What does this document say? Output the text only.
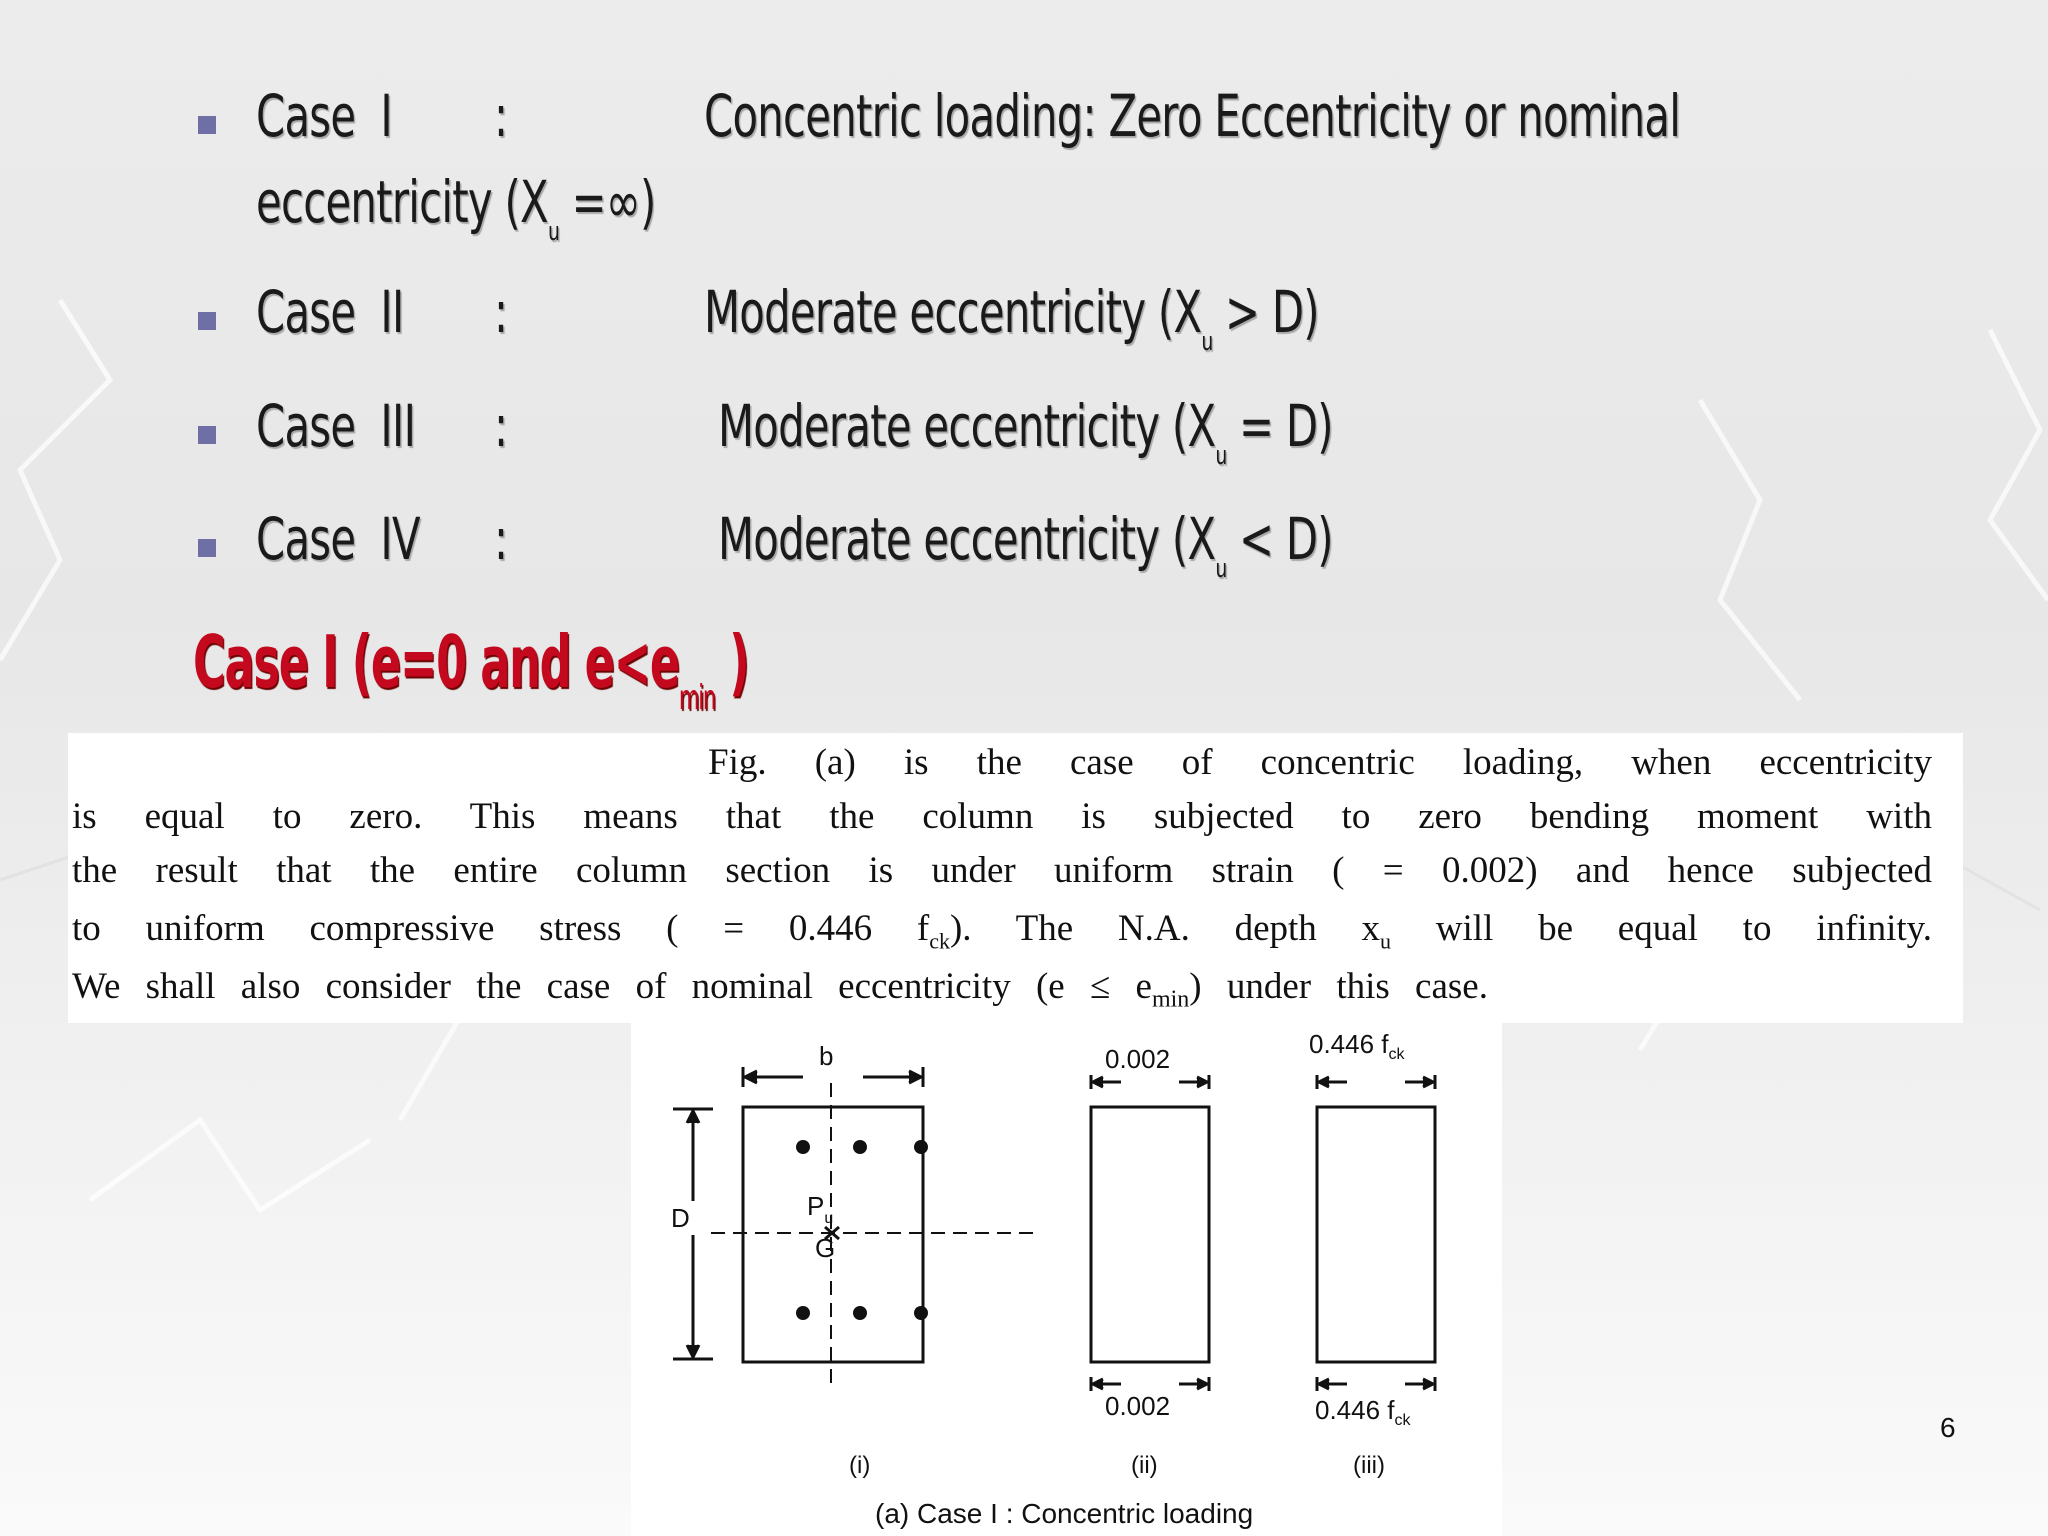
Case I :	Concentric loading: Zero Eccentricity or nominal
eccentricity ($X_u$ =∞)
Case II :	Moderate eccentricity $(X_u > D)$
Case III :	Moderate eccentricity $(X_u = D)$
Case IV :	Moderate eccentricity $(X_u < D)$
Case I (e=0 and $e<e_{min}$ )
Fig. (a) is the case of concentric loading, when eccentricity
is equal to zero. This means that the column is subjected to zero bending moment with
the result that the entire column section is under uniform strain ( = 0.002) and hence subjected
to uniform compressive stress ( = 0.446 $f_{ck}$). The N.A. depth $x_u$ will be equal to infinity.
We shall also consider the case of nominal eccentricity $(e \le e_{min})$ under this case.
b
D	$P_u$
G
0.002
0.002
0.446 $f_{ck}$
0.446 $f_{ck}$
(i)	(ii)	(iii)
(a) Case I : Concentric loading
6
